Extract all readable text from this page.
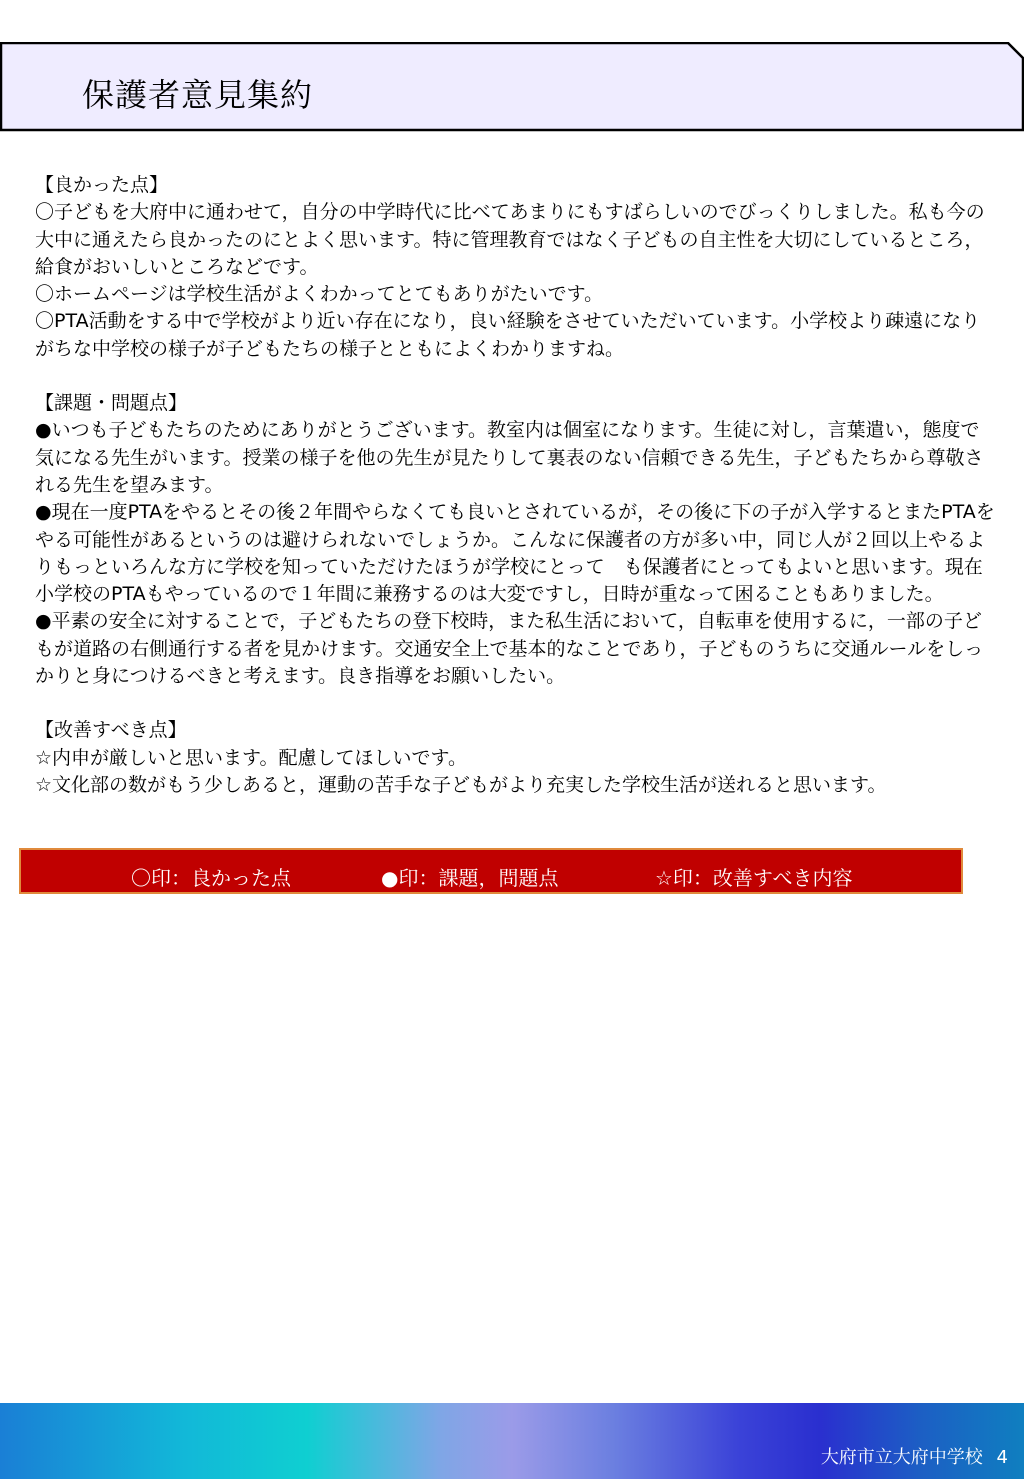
保護者意見集約

【良かった点】

〇子どもを大府中に通わせて，自分の中学時代に比べてあまりにもすばらしいのでびっくりしました。私も今の大中に通えたら良かったのにとよく思います。特に管理教育ではなく子どもの自主性を大切にしているところ，給食がおいしいところなどです。

〇ホームページは学校生活がよくわかってとてもありがたいです。

〇PTA活動をする中で学校がより近い存在になり，良い経験をさせていただいています。小学校より疎遠になりがちな中学校の様子が子どもたちの様子とともによくわかりますね。

【課題・問題点】

●いつも子どもたちのためにありがとうございます。教室内は個室になります。生徒に対し，言葉遣い，態度で気になる先生がいます。授業の様子を他の先生が見たりして裏表のない信頼できる先生，子どもたちから尊敬される先生を望みます。

●現在一度PTAをやるとその後２年間やらなくても良いとされているが，その後に下の子が入学するとまたPTAをやる可能性があるというのは避けられないでしょうか。こんなに保護者の方が多い中，同じ人が２回以上やるよりもっといろんな方に学校を知っていただけたほうが学校にとって　も保護者にとってもよいと思います。現在小学校のPTAもやっているので１年間に兼務するのは大変ですし，日時が重なって困ることもありました。

●平素の安全に対することで，子どもたちの登下校時，また私生活において，自転車を使用するに，一部の子どもが道路の右側通行する者を見かけます。交通安全上で基本的なことであり，子どものうちに交通ルールをしっかりと身につけるべきと考えます。良き指導をお願いしたい。

【改善すべき点】

☆内申が厳しいと思います。配慮してほしいです。

☆文化部の数がもう少しあると，運動の苦手な子どもがより充実した学校生活が送れると思います。

〇印：良かった点	●印：課題，問題点	☆印：改善すべき内容
大府市立大府中学校 4
